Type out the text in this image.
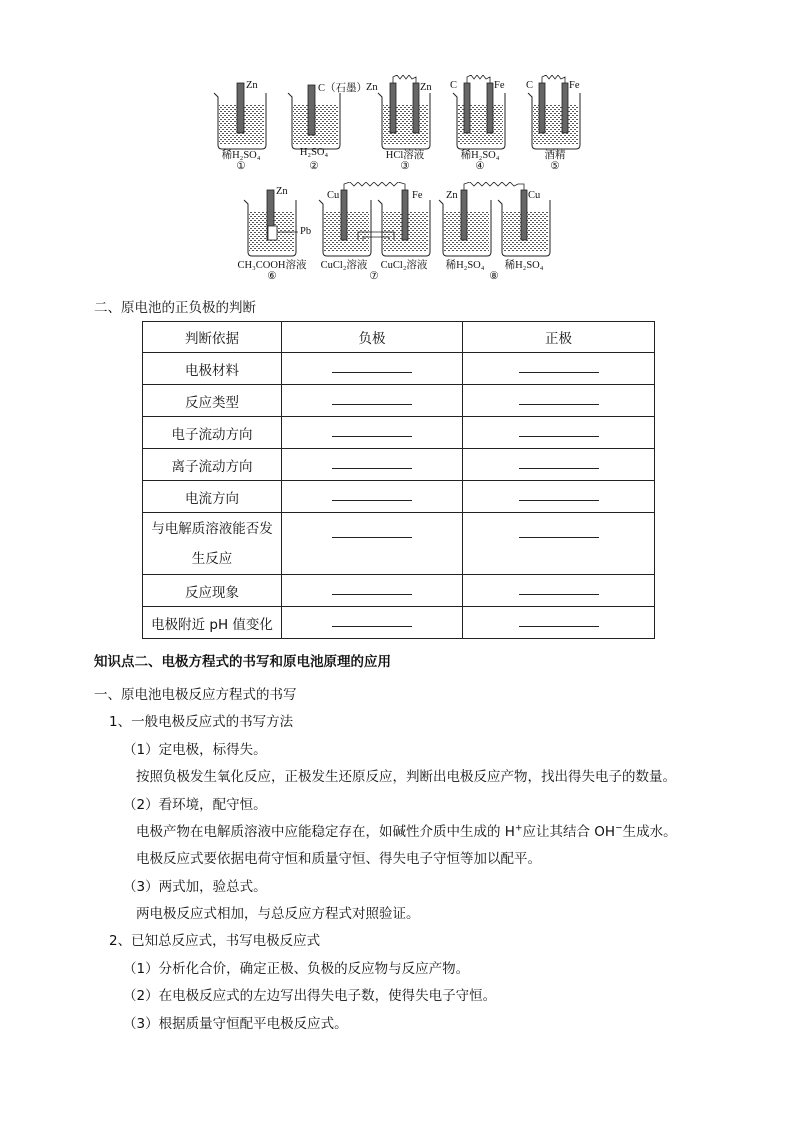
Zn	C（石墨）
Zn	Zn C	Fe C	Fe
稀H₂SO₄
①
H₂SO₄
②
HCl溶液
③
稀H₂SO₄
④
酒精
⑤
Zn
Pb
Cu	Fe Zn	Cu
CH₃COOH溶液
⑥
CuCl₂溶液	CuCl₂溶液
⑦
稀H₂SO₄	稀H₂SO₄
⑧
二、原电池的正负极的判断
判断依据	负极	正极
电极材料		
反应类型		
电子流动方向		
离子流动方向		
电流方向		
与电解质溶液能否发生反应		
反应现象		
电极附近 pH 值变化		
知识点二、电极方程式的书写和原电池原理的应用
一、原电池电极反应方程式的书写
1、一般电极反应式的书写方法
（1）定电极，标得失。
按照负极发生氧化反应，正极发生还原反应，判断出电极反应产物，找出得失电子的数量。
（2）看环境，配守恒。
电极产物在电解质溶液中应能稳定存在，如碱性介质中生成的 H+应让其结合 OH−生成水。
电极反应式要依据电荷守恒和质量守恒、得失电子守恒等加以配平。
（3）两式加，验总式。
两电极反应式相加，与总反应方程式对照验证。
2、已知总反应式，书写电极反应式
（1）分析化合价，确定正极、负极的反应物与反应产物。
（2）在电极反应式的左边写出得失电子数，使得失电子守恒。
（3）根据质量守恒配平电极反应式。
